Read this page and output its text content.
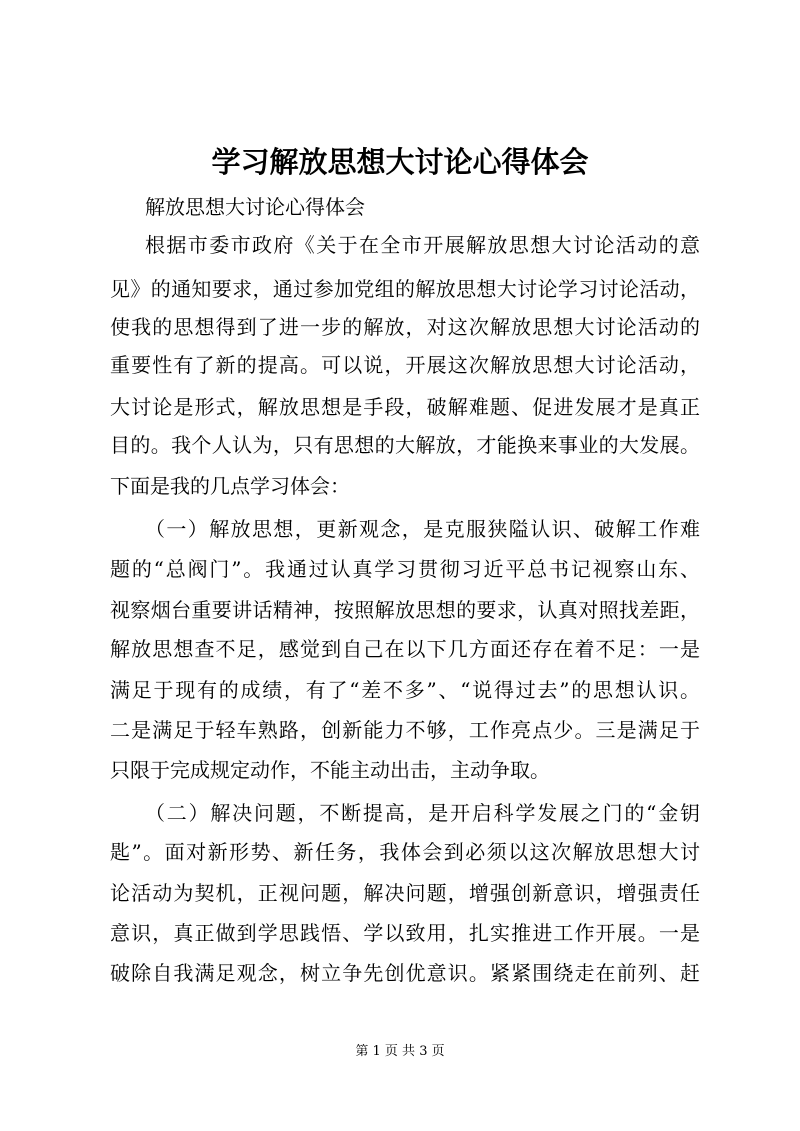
学习解放思想大讨论心得体会
解放思想大讨论心得体会
根据市委市政府《关于在全市开展解放思想大讨论活动的意
见》的通知要求，通过参加党组的解放思想大讨论学习讨论活动，
使我的思想得到了进一步的解放，对这次解放思想大讨论活动的
重要性有了新的提高。可以说，开展这次解放思想大讨论活动，
大讨论是形式，解放思想是手段，破解难题、促进发展才是真正
目的。我个人认为，只有思想的大解放，才能换来事业的大发展。
下面是我的几点学习体会：
（一）解放思想，更新观念，是克服狭隘认识、破解工作难
题的“总阀门”。我通过认真学习贯彻习近平总书记视察山东、
视察烟台重要讲话精神，按照解放思想的要求，认真对照找差距，
解放思想查不足，感觉到自己在以下几方面还存在着不足：一是
满足于现有的成绩，有了“差不多”、“说得过去”的思想认识。
二是满足于轻车熟路，创新能力不够，工作亮点少。三是满足于
只限于完成规定动作，不能主动出击，主动争取。
（二）解决问题，不断提高，是开启科学发展之门的“金钥
匙”。面对新形势、新任务，我体会到必须以这次解放思想大讨
论活动为契机，正视问题，解决问题，增强创新意识，增强责任
意识，真正做到学思践悟、学以致用，扎实推进工作开展。一是
破除自我满足观念，树立争先创优意识。紧紧围绕走在前列、赶
第 1 页 共 3 页
